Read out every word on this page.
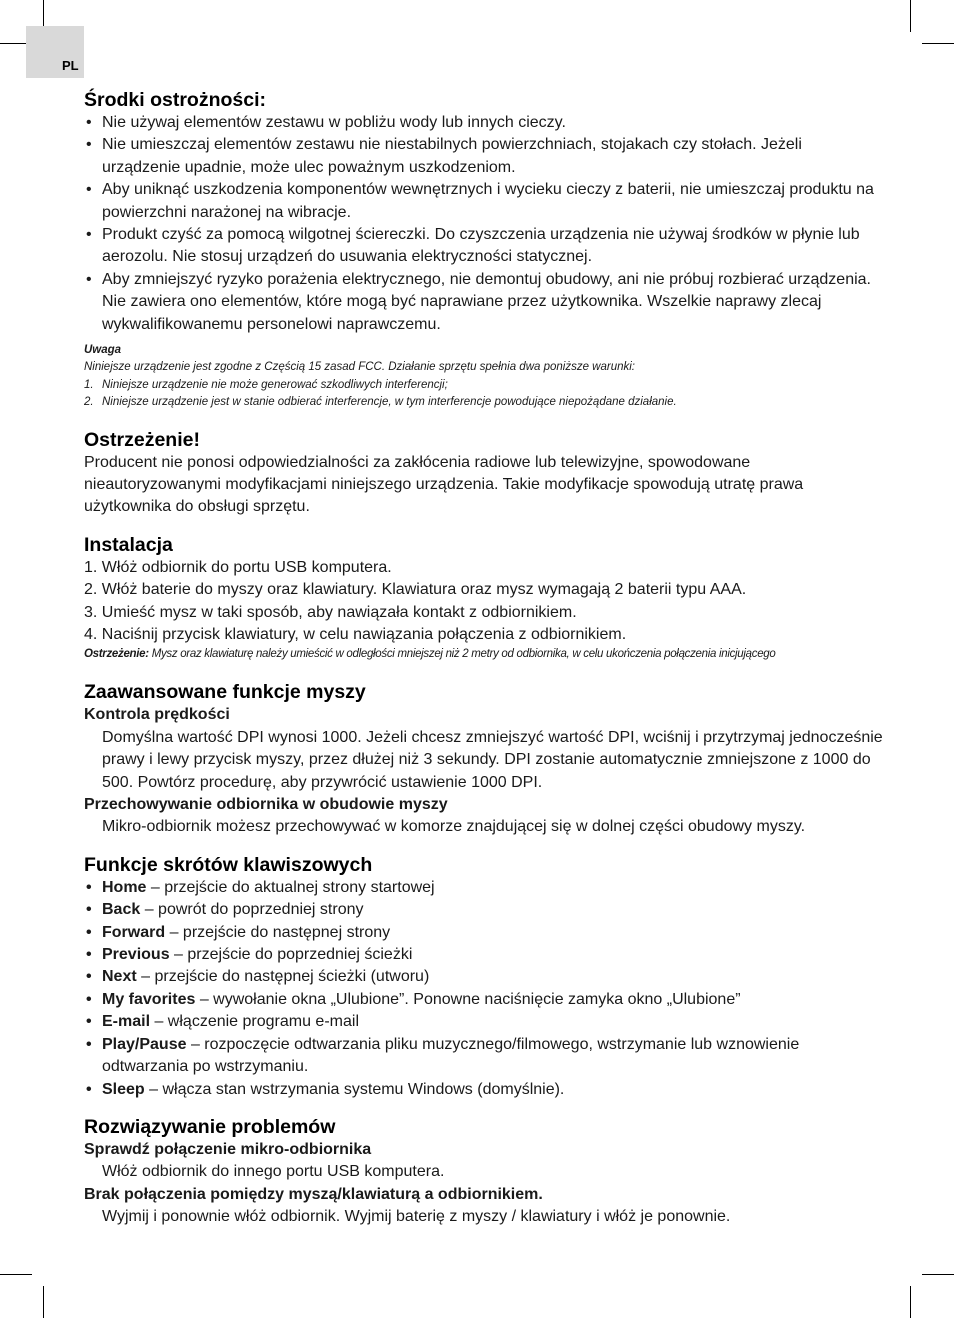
PL
Środki ostrożności:
• Nie używaj elementów zestawu w pobliżu wody lub innych cieczy.
• Nie umieszczaj elementów zestawu nie niestabilnych powierzchniach, stojakach czy stołach. Jeżeli urządzenie upadnie, może ulec poważnym uszkodzeniom.
• Aby uniknąć uszkodzenia komponentów wewnętrznych i wycieku cieczy z baterii, nie umieszczaj produktu na powierzchni narażonej na wibracje.
• Produkt czyść za pomocą wilgotnej ściereczki. Do czyszczenia urządzenia nie używaj środków w płynie lub aerozolu. Nie stosuj urządzeń do usuwania elektryczności statycznej.
• Aby zmniejszyć ryzyko porażenia elektrycznego, nie demontuj obudowy, ani nie próbuj rozbierać urządzenia. Nie zawiera ono elementów, które mogą być naprawiane przez użytkownika. Wszelkie naprawy zlecaj wykwalifikowanemu personelowi naprawczemu.
Uwaga
Niniejsze urządzenie jest zgodne z Częścią 15 zasad FCC. Działanie sprzętu spełnia dwa poniższe warunki:
1. Niniejsze urządzenie nie może generować szkodliwych interferencji;
2. Niniejsze urządzenie jest w stanie odbierać interferencje, w tym interferencje powodujące niepożądane działanie.
Ostrzeżenie!

Producent nie ponosi odpowiedzialności za zakłócenia radiowe lub telewizyjne, spowodowane nieautoryzowanymi modyfikacjami niniejszego urządzenia. Takie modyfikacje spowodują utratę prawa użytkownika do obsługi sprzętu.

Instalacja

1. Włóż odbiornik do portu USB komputera.

2. Włóż baterie do myszy oraz klawiatury. Klawiatura oraz mysz wymagają 2 baterii typu AAA.

3. Umieść mysz w taki sposób, aby nawiązała kontakt z odbiornikiem.

4. Naciśnij przycisk klawiatury, w celu nawiązania połączenia z odbiornikiem.

Ostrzeżenie: Mysz oraz klawiaturę należy umieścić w odległości mniejszej niż 2 metry od odbiornika, w celu ukończenia połączenia inicjującego
Zaawansowane funkcje myszy

Kontrola prędkości

Domyślna wartość DPI wynosi 1000. Jeżeli chcesz zmniejszyć wartość DPI, wciśnij i przytrzymaj jednocześnie prawy i lewy przycisk myszy, przez dłużej niż 3 sekundy. DPI zostanie automatycznie zmniejszone z 1000 do 500. Powtórz procedurę, aby przywrócić ustawienie 1000 DPI.

Przechowywanie odbiornika w obudowie myszy

Mikro-odbiornik możesz przechowywać w komorze znajdującej się w dolnej części obudowy myszy.

Funkcje skrótów klawiszowych
• Home – przejście do aktualnej strony startowej
• Back – powrót do poprzedniej strony
• Forward – przejście do następnej strony
• Previous – przejście do poprzedniej ścieżki
• Next – przejście do następnej ścieżki (utworu)
• My favorites – wywołanie okna „Ulubione”. Ponowne naciśnięcie zamyka okno „Ulubione”
• E-mail – włączenie programu e-mail
• Play/Pause – rozpoczęcie odtwarzania pliku muzycznego/filmowego, wstrzymanie lub wznowienie odtwarzania po wstrzymaniu.
• Sleep – włącza stan wstrzymania systemu Windows (domyślnie).
Rozwiązywanie problemów

Sprawdź połączenie mikro-odbiornika

Włóż odbiornik do innego portu USB komputera.

Brak połączenia pomiędzy myszą/klawiaturą a odbiornikiem.

Wyjmij i ponownie włóż odbiornik. Wyjmij baterię z myszy / klawiatury i włóż je ponownie.
